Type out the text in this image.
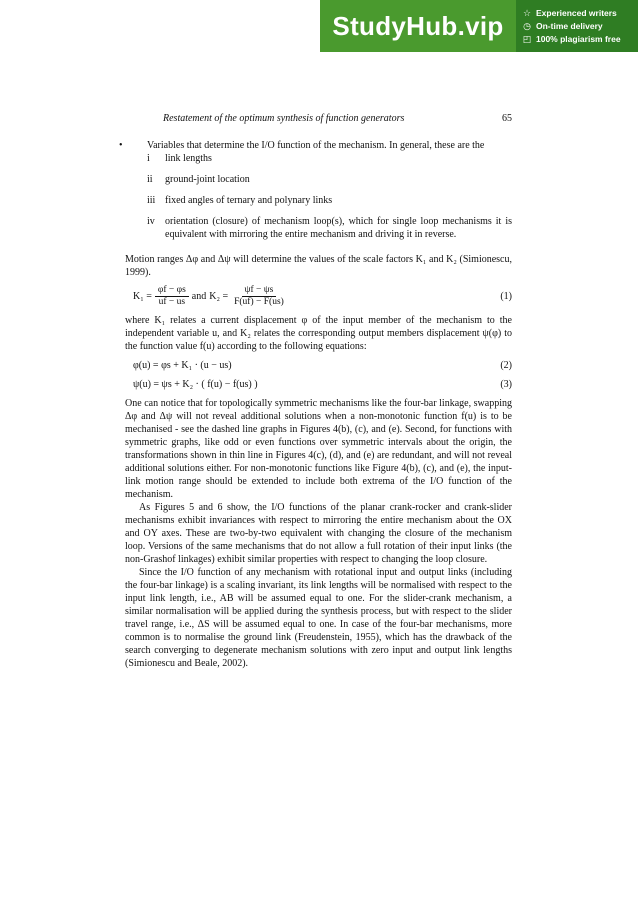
StudyHub.vip	☆ Experienced writers
◷ On-time delivery
◰ 100% plagiarism free
Restatement of the optimum synthesis of function generators	65
•	Variables that determine the I/O function of the mechanism. In general, these are the
i	link lengths
ii	ground-joint location
iii fixed angles of ternary and polynary links
iv	orientation (closure) of mechanism loop(s), which for single loop mechanisms it is equivalent with mirroring the entire mechanism and driving it in reverse.

Motion ranges Δφ and Δψ will determine the values of the scale factors K₁ and K₂ (Simionescu, 1999).

$K_1 = \frac{\varphi f - \varphi s}{uf - us}$ and $K_2 = \frac{\psi f - \psi s}{F(uf) - F(us)}$	(1)

where K₁ relates a current displacement φ of the input member of the mechanism to the independent variable u, and K₂ relates the corresponding output members displacement ψ(φ) to the function value f(u) according to the following equations:

φ(u) = φs + K₁ · (u − us)	(2)
ψ(u) = ψs + K₂ · ( f(u) − f(us) )	(3)

One can notice that for topologically symmetric mechanisms like the four-bar linkage, swapping Δφ and Δψ will not reveal additional solutions when a non-monotonic function f(u) is to be mechanised - see the dashed line graphs in Figures 4(b), (c), and (e). Second, for functions with symmetric graphs, like odd or even functions over symmetric intervals about the origin, the transformations shown in thin line in Figures 4(c), (d), and (e) are redundant, and will not reveal additional solutions either. For non-monotonic functions like Figure 4(b), (c), and (e), the input-link motion range should be extended to include both extrema of the I/O function of the mechanism.

As Figures 5 and 6 show, the I/O functions of the planar crank-rocker and crank-slider mechanisms exhibit invariances with respect to mirroring the entire mechanism about the OX and OY axes. These are two-by-two equivalent with changing the closure of the mechanism loop. Versions of the same mechanisms that do not allow a full rotation of their input links (the non-Grashof linkages) exhibit similar properties with respect to changing the loop closure.

Since the I/O function of any mechanism with rotational input and output links (including the four-bar linkage) is a scaling invariant, its link lengths will be normalised with respect to the input link length, i.e., AB will be assumed equal to one. For the slider-crank mechanism, a similar normalisation will be applied during the synthesis process, but with respect to the slider travel range, i.e., ΔS will be assumed equal to one. In case of the four-bar mechanisms, more common is to normalise the ground link (Freudenstein, 1955), which has the drawback of the search converging to degenerate mechanism solutions with zero input and output link lengths (Simionescu and Beale, 2002).
